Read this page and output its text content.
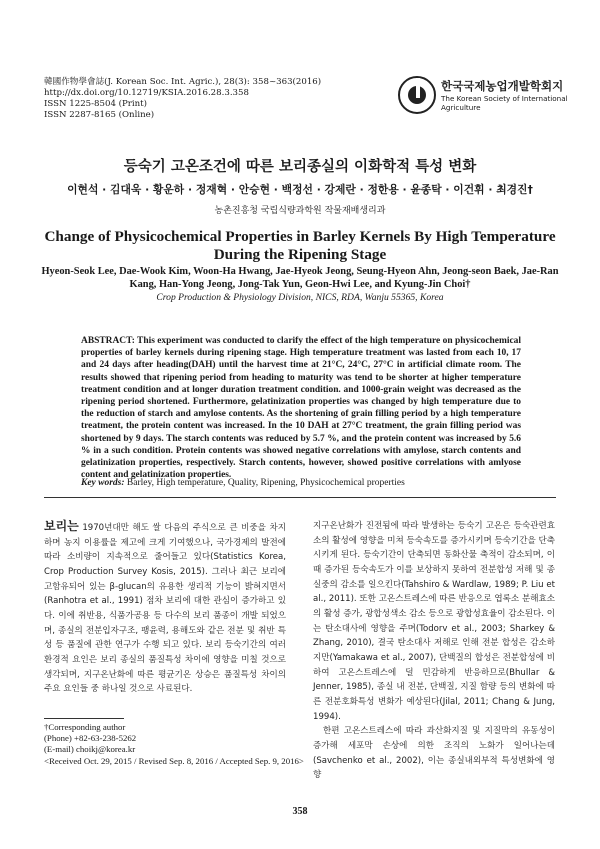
韓國作物學會誌(J. Korean Soc. Int. Agric.), 28(3): 358~363(2016)
http://dx.doi.org/10.12719/KSIA.2016.28.3.358
ISSN 1225-8504 (Print)
ISSN 2287-8165 (Online)
한국국제농업개발학회지
The Korean Society of International Agriculture
등숙기 고온조건에 따른 보리종실의 이화학적 특성 변화
이현석 · 김대욱 · 황운하 · 정재혁 · 안승현 · 백정선 · 강제란 · 정한용 · 윤종탁 · 이건휘 · 최경진†
농촌진흥청 국립식량과학원 작물재배생리과
Change of Physicochemical Properties in Barley Kernels By High Temperature During the Ripening Stage
Hyeon-Seok Lee, Dae-Wook Kim, Woon-Ha Hwang, Jae-Hyeok Jeong, Seung-Hyeon Ahn, Jeong-seon Baek, Jae-Ran Kang, Han-Yong Jeong, Jong-Tak Yun, Geon-Hwi Lee, and Kyung-Jin Choi†
Crop Production & Physiology Division, NICS, RDA, Wanju 55365, Korea
ABSTRACT: This experiment was conducted to clarify the effect of the high temperature on physicochemical properties of barley kernels during ripening stage. High temperature treatment was lasted from each 10, 17 and 24 days after heading(DAH) until the harvest time at 21°C, 24°C, 27°C in artificial climate room. The results showed that ripening period from heading to maturity was tend to be shorter at higher temperature treatment condition and at longer duration treatment condition. and 1000-grain weight was decreased as the ripening period shortened. Furthermore, gelatinization properties was changed by high temperature due to the reduction of starch and amylose contents. As the shortening of grain filling period by a high temperature treatment, the protein content was increased. In the 10 DAH at 27°C treatment, the grain filling period was shortened by 9 days. The starch contents was reduced by 5.7 %, and the protein content was increased by 5.6 % in a such condition. Protein contents was showed negative correlations with amylose, starch contents and gelatinization properties, respectively. Starch contents, however, showed positive correlations with amlyose content and gelatinization properties.
Key words: Barley, High temperature, Quality, Ripening, Physicochemical properties
보리는 1970년대만 해도 쌀 다음의 주식으로 큰 비중을 차지하며 농지 이용률을 제고에 크게 기여했으나, 국가경제의 발전에 따라 소비량이 지속적으로 줄어들고 있다(Statistics Korea, Crop Production Survey Kosis, 2015). 그러나 최근 보리에 고함유되어 있는 β-glucan의 유용한 생리적 기능이 밝혀지면서(Ranhotra et al., 1991) 점차 보리에 대한 관심이 증가하고 있다. 이에 취반용, 식품가공용 등 다수의 보리 품종이 개발 되었으며, 종실의 전분입자구조, 팽윤력, 용해도와 같은 전분 및 취반 특성 등 품질에 관한 연구가 수행 되고 있다. 보리 등숙기간의 여러 환경적 요인은 보리 종실의 품질특성 차이에 영향을 미칠 것으로 생각되며, 지구온난화에 따른 평균기온 상승은 품질특성 차이의 주요 요인들 중 하나일 것으로 사료된다.
지구온난화가 진전됨에 따라 발생하는 등숙기 고온은 등숙관련효소의 활성에 영향을 미쳐 등숙속도를 증가시키며 등숙기간을 단축시키게 된다. 등숙기간이 단축되면 동화산물 축적이 감소되며, 이때 증가된 등숙속도가 이를 보상하지 못하여 전분합성 저해 및 종실중의 감소를 일으킨다(Tahshiro & Wardlaw, 1989; P. Liu et al., 2011). 또한 고온스트레스에 따른 반응으로 엽록소 분해효소의 활성 증가, 광합성색소 감소 등으로 광합성효율이 감소된다. 이는 탄소대사에 영향을 주며(Todorv et al., 2003; Sharkey & Zhang, 2010), 결국 탄소대사 저해로 인해 전분 합성은 감소하지만(Yamakawa et al., 2007), 단백질의 합성은 전분합성에 비하여 고온스트레스에 덜 민감하게 반응하므로(Bhullar & Jenner, 1985), 종실 내 전분, 단백질, 지질 함량 등의 변화에 따른 전분호화특성 변화가 예상된다(Jilal, 2011; Chang & Jung, 1994).
한편 고온스트레스에 따라 과산화지질 및 지질막의 유동성이 증가해 세포막 손상에 의한 조직의 노화가 일어나는데(Savchenko et al., 2002), 이는 종실내외부적 특성변화에 영향
†Corresponding author
(Phone) +82-63-238-5262
(E-mail) choikj@korea.kr
<Received Oct. 29, 2015 / Revised Sep. 8, 2016 / Accepted Sep. 9, 2016>
358
